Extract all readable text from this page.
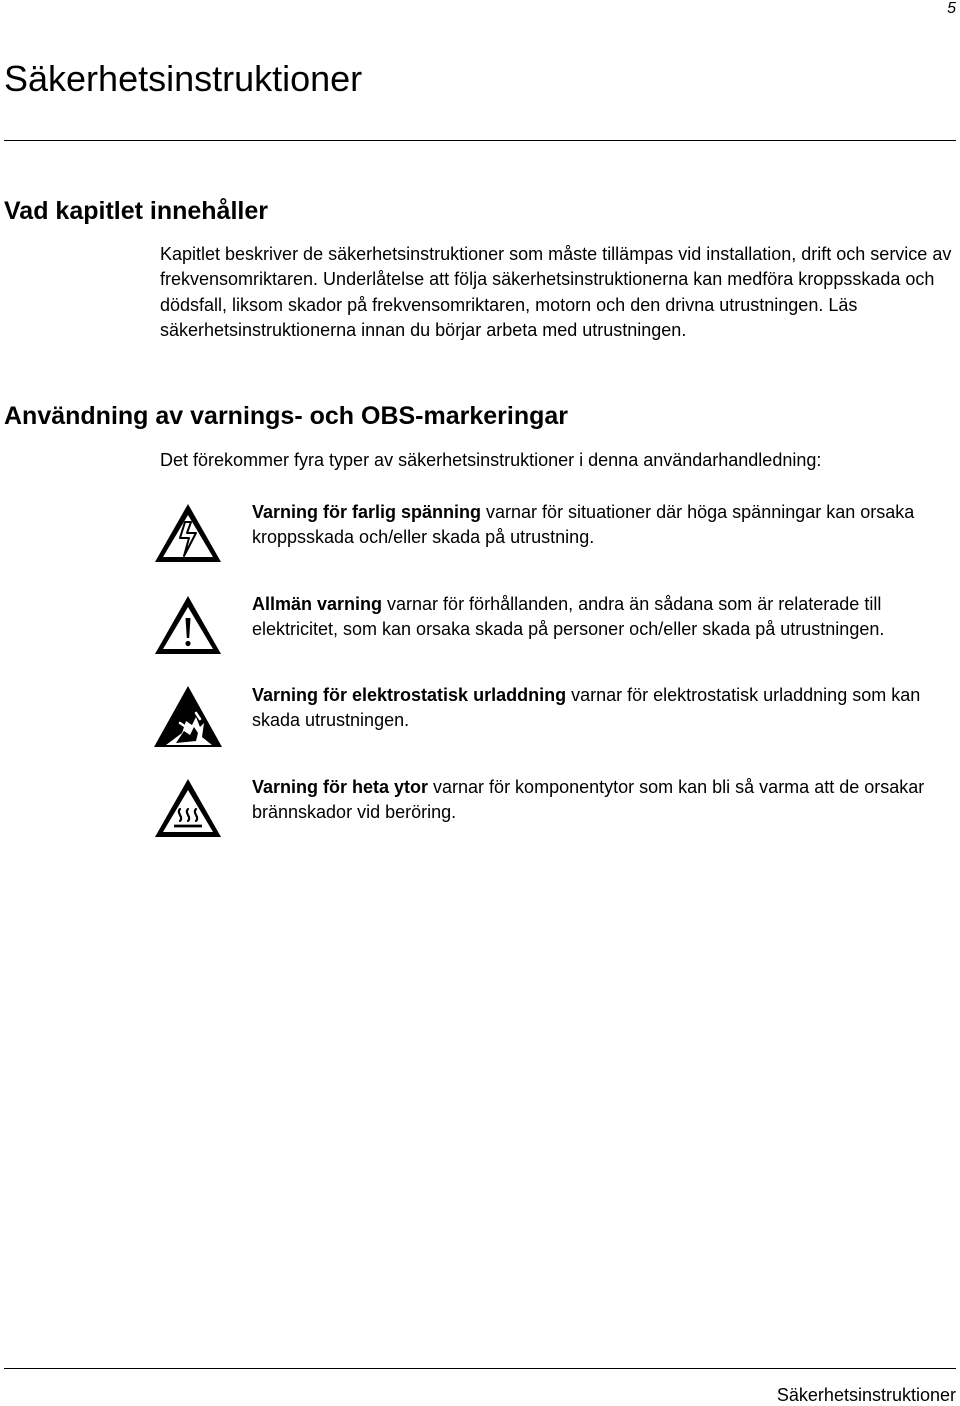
5
Säkerhetsinstruktioner
Vad kapitlet innehåller

Kapitlet beskriver de säkerhetsinstruktioner som måste tillämpas vid installation, drift och service av frekvensomriktaren. Underlåtelse att följa säkerhetsinstruktionerna kan medföra kroppsskada och dödsfall, liksom skador på frekvensomriktaren, motorn och den drivna utrustningen. Läs säkerhetsinstruktionerna innan du börjar arbeta med utrustningen.

Användning av varnings- och OBS-markeringar

Det förekommer fyra typer av säkerhetsinstruktioner i denna användarhandledning:

Varning för farlig spänning varnar för situationer där höga spänningar kan orsaka kroppsskada och/eller skada på utrustning.

Allmän varning varnar för förhållanden, andra än sådana som är relaterade till elektricitet, som kan orsaka skada på personer och/eller skada på utrustningen.

Varning för elektrostatisk urladdning varnar för elektrostatisk urladdning som kan skada utrustningen.

Varning för heta ytor varnar för komponentytor som kan bli så varma att de orsakar brännskador vid beröring.

Säkerhetsinstruktioner
